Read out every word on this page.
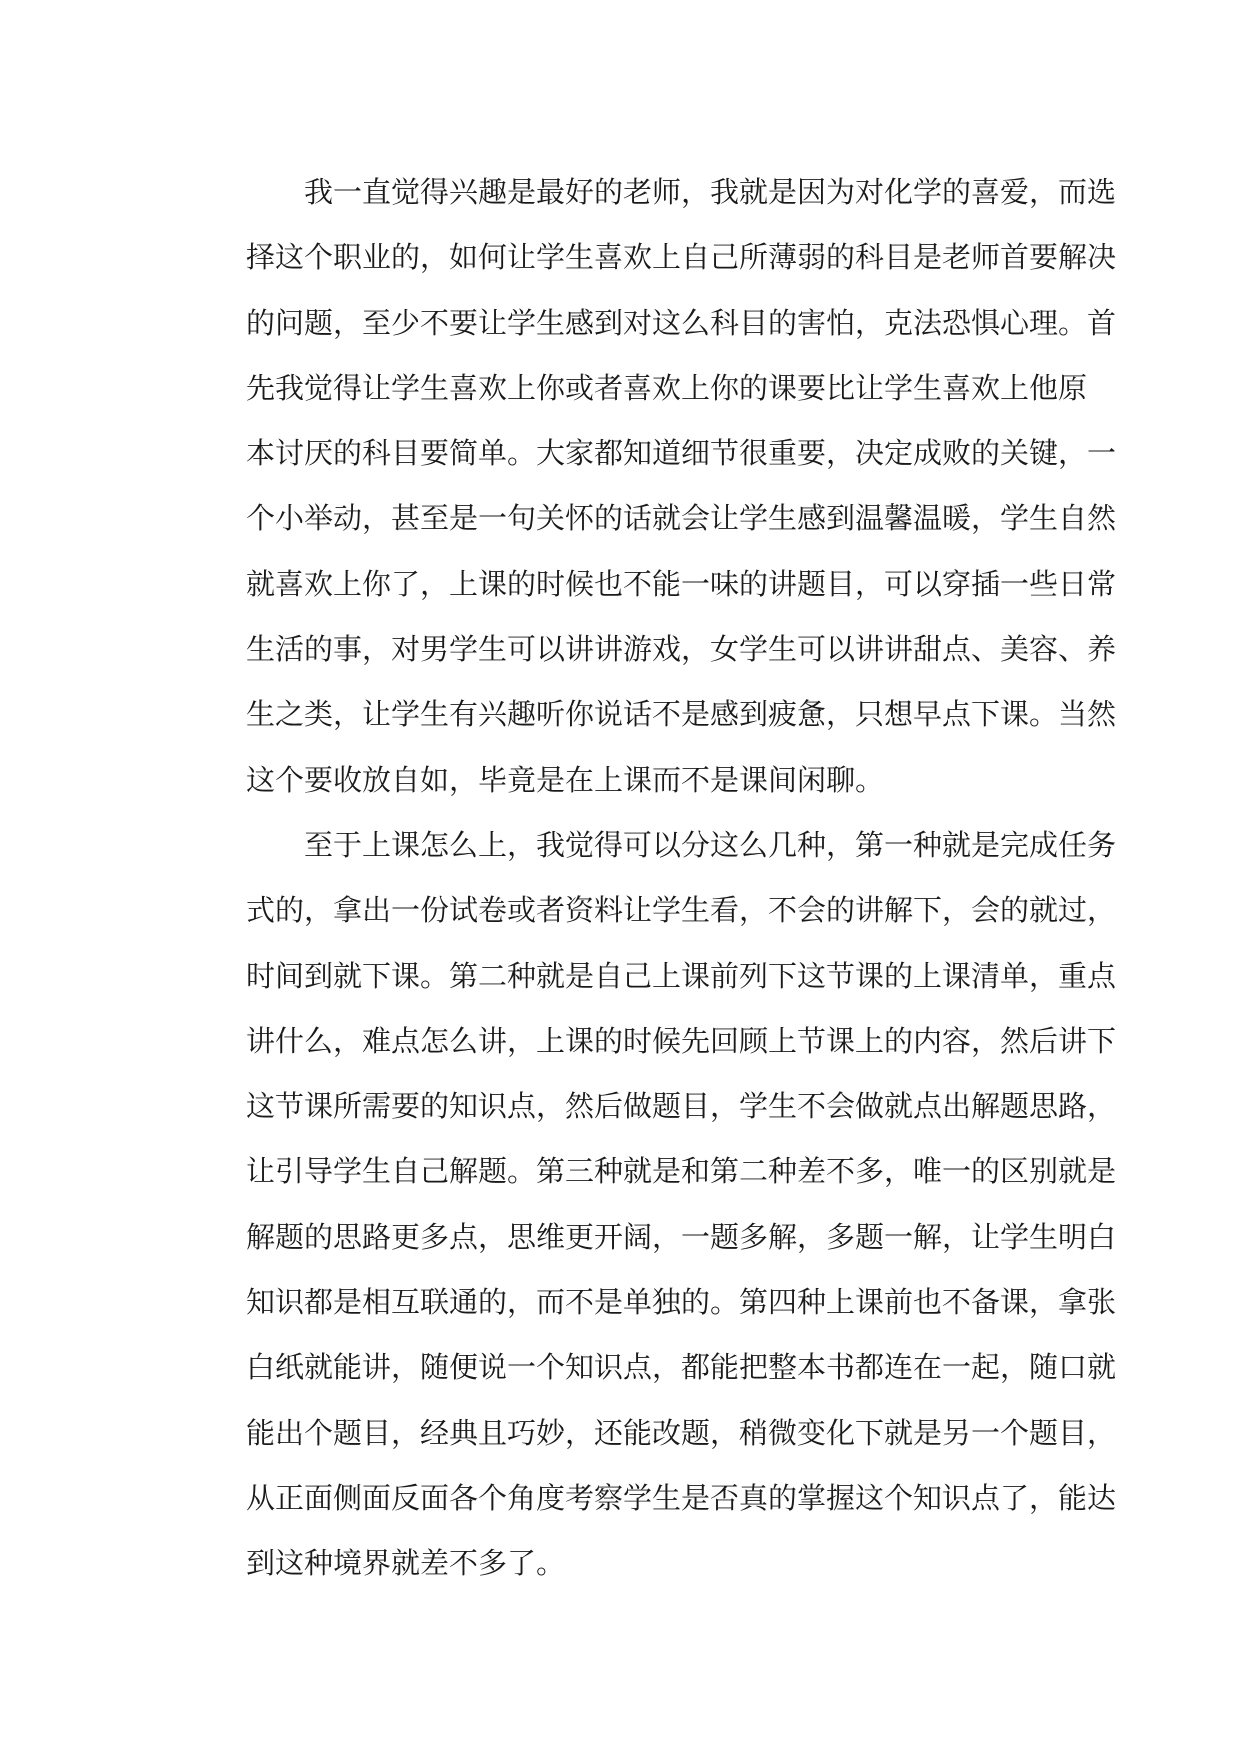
我一直觉得兴趣是最好的老师，我就是因为对化学的喜爱，而选
择这个职业的，如何让学生喜欢上自己所薄弱的科目是老师首要解决
的问题，至少不要让学生感到对这么科目的害怕，克法恐惧心理。首
先我觉得让学生喜欢上你或者喜欢上你的课要比让学生喜欢上他原
本讨厌的科目要简单。大家都知道细节很重要，决定成败的关键，一
个小举动，甚至是一句关怀的话就会让学生感到温馨温暖，学生自然
就喜欢上你了，上课的时候也不能一味的讲题目，可以穿插一些日常
生活的事，对男学生可以讲讲游戏，女学生可以讲讲甜点、美容、养
生之类，让学生有兴趣听你说话不是感到疲惫，只想早点下课。当然
这个要收放自如，毕竟是在上课而不是课间闲聊。
至于上课怎么上，我觉得可以分这么几种，第一种就是完成任务
式的，拿出一份试卷或者资料让学生看，不会的讲解下，会的就过，
时间到就下课。第二种就是自己上课前列下这节课的上课清单，重点
讲什么，难点怎么讲，上课的时候先回顾上节课上的内容，然后讲下
这节课所需要的知识点，然后做题目，学生不会做就点出解题思路，
让引导学生自己解题。第三种就是和第二种差不多，唯一的区别就是
解题的思路更多点，思维更开阔，一题多解，多题一解，让学生明白
知识都是相互联通的，而不是单独的。第四种上课前也不备课，拿张
白纸就能讲，随便说一个知识点，都能把整本书都连在一起，随口就
能出个题目，经典且巧妙，还能改题，稍微变化下就是另一个题目，
从正面侧面反面各个角度考察学生是否真的掌握这个知识点了，能达
到这种境界就差不多了。
